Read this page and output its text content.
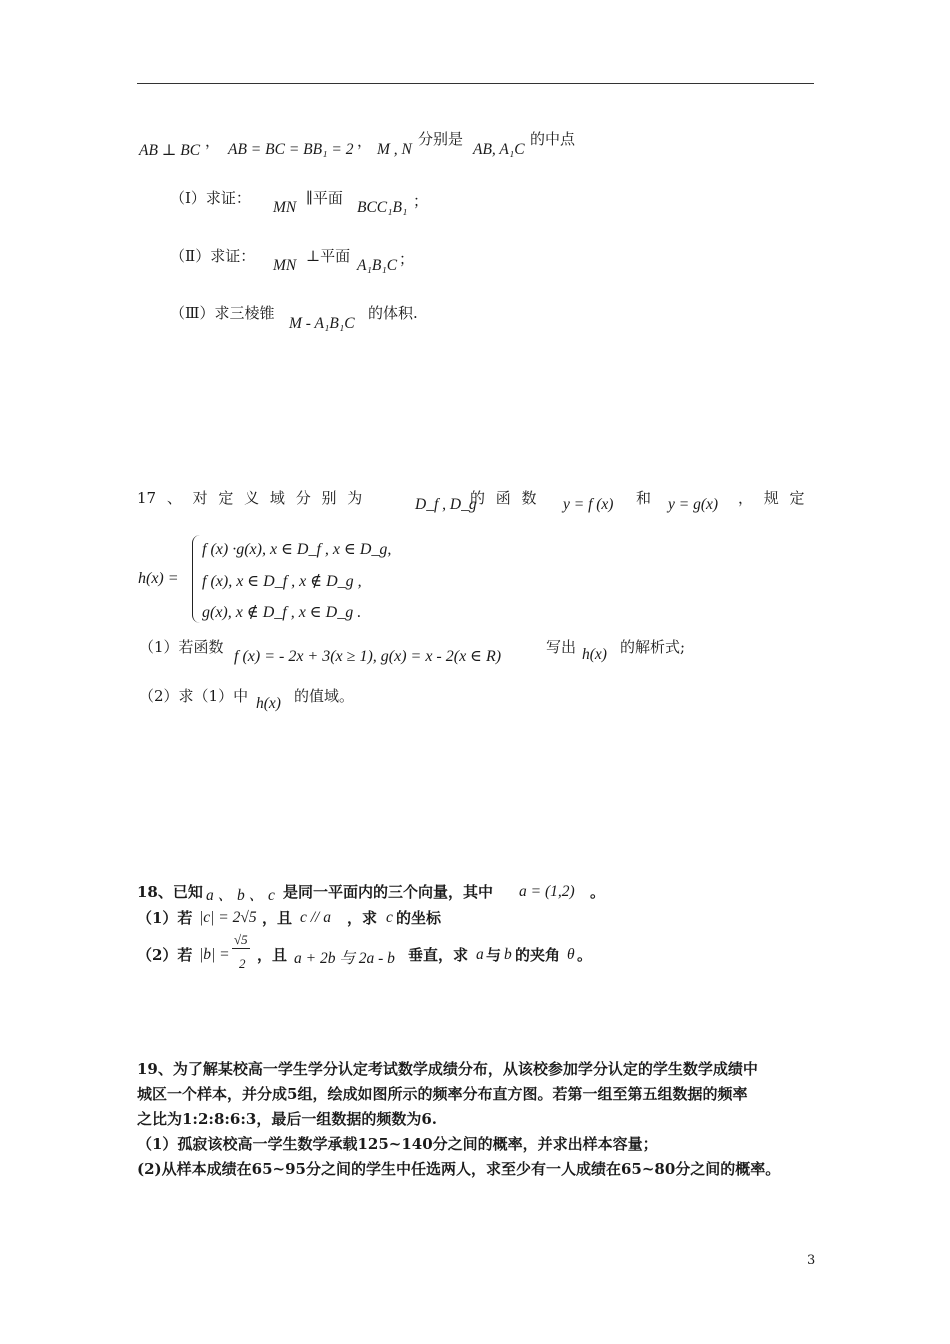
AB ⊥ BC
， AB = BC = BB₁ = 2 ， M , N
分别是
AB, A₁C
的中点
（Ⅰ）求证：
MN
∥平面
BCC₁B₁ ；
（Ⅱ）求证：
MN
⊥平面
A₁B₁C ；
（Ⅲ）求三棱锥
M - A₁B₁C
的体积.
17 、 对 定 义 域 分 别 为	D_f , D_g
的 函 数 y = f (x) 和 y = g(x) ， 规 定
h(x) =
f (x) ·g(x), x ∈ D_f , x ∈ D_g,
f (x), x ∈ D_f , x ∉ D_g ,
g(x), x ∉ D_f , x ∈ D_g .
（1）若函数
f (x) = - 2x + 3(x ≥ 1), g(x) = x - 2(x ∈ R)
写出 h(x) 的解析式;
（2）求（1）中 h(x) 的值域。
18、已知 a 、 b 、 c 是同一平面内的三个向量，其中 a = (1,2) 。
（1）若 |c| = 2√5 ，且 c // a ，求 c 的坐标
（2）若 |b| =
√5
2 ，且 a + 2b 与 2a - b 垂直，求 a 与 b 的夹角 θ 。
19、为了解某校高一学生学分认定考试数学成绩分布，从该校参加学分认定的学生数学成绩中
城区一个样本，并分成5组，绘成如图所示的频率分布直方图。若第一组至第五组数据的频率
之比为1:2:8:6:3，最后一组数据的频数为6.
（1）孤寂该校高一学生数学承载125~140分之间的概率，并求出样本容量；
(2)从样本成绩在65~95分之间的学生中任选两人，求至少有一人成绩在65~80分之间的概率。
3
